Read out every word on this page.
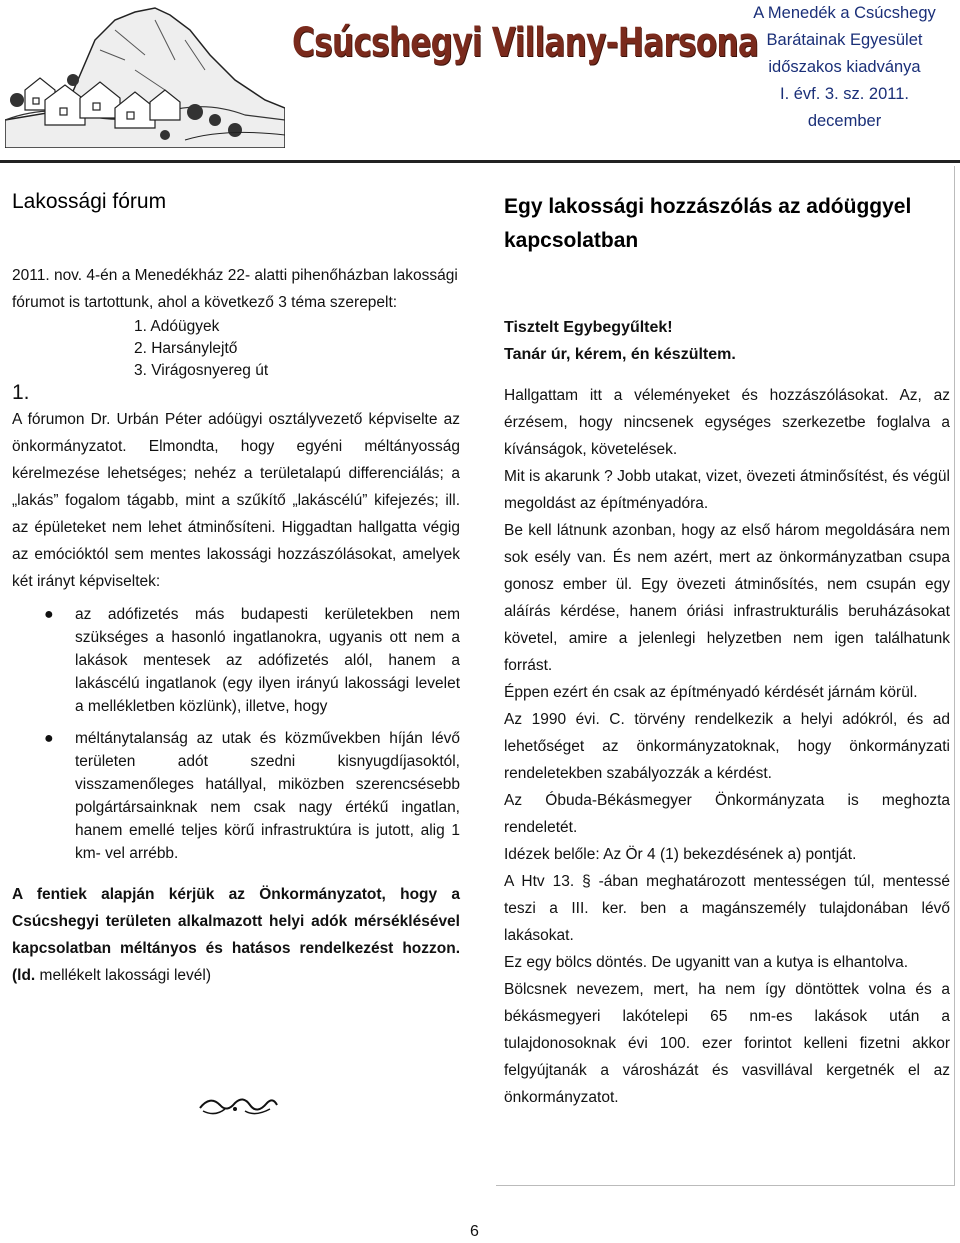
Csúcshegyi Villany-Harsona
A Menedék a Csúcshegy
Barátainak Egyesület
időszakos kiadványa
I. évf. 3. sz. 2011.
december
Lakossági fórum

2011. nov. 4-én a Menedékház 22- alatti pihenőházban lakossági fórumot is tartottunk, ahol a következő 3 téma szerepelt:

1. Adóügyek
2. Harsánylejtő
3. Virágosnyereg út

1.

A fórumon Dr. Urbán Péter adóügyi osztályvezető képviselte az önkormányzatot. Elmondta, hogy egyéni méltányosság kérelmezése lehetséges; nehéz a területalapú differenciálás; a „lakás” fogalom tágabb, mint a szűkítő „lakáscélú” kifejezés; ill. az épületeket nem lehet átminősíteni. Higgadtan hallgatta végig az emócióktól sem mentes lakossági hozzászólásokat, amelyek két irányt képviseltek:

● az adófizetés más budapesti kerületekben nem szükséges a hasonló ingatlanokra, ugyanis ott nem a lakások mentesek az adófizetés alól, hanem a lakáscélú ingatlanok (egy ilyen irányú lakossági levelet a mellékletben közlünk), illetve, hogy
● méltánytalanság az utak és közművekben híján lévő területen adót szedni kisnyugdíjasoktól, visszamenőleges hatállyal, miközben szerencsésebb polgártársainknak nem csak nagy értékű ingatlan, hanem emellé teljes körű infrastruktúra is jutott, alig 1 km- vel arrébb.

A fentiek alapján kérjük az Önkormányzatot, hogy a Csúcshegyi területen alkalmazott helyi adók mérséklésével kapcsolatban méltányos és hatásos rendelkezést hozzon. (ld. mellékelt lakossági levél)

Egy lakossági hozzászólás az adóüggyel kapcsolatban

Tisztelt Egybegyűltek!

Tanár úr, kérem, én készültem.

Hallgattam itt a véleményeket és hozzászólásokat. Az, az érzésem, hogy nincsenek egységes szerkezetbe foglalva a kívánságok, követelések.

Mit is akarunk ? Jobb utakat, vizet, övezeti átminősítést, és végül megoldást az építményadóra.

Be kell látnunk azonban, hogy az első három megoldására nem sok esély van. És nem azért, mert az önkormányzatban csupa gonosz ember ül. Egy övezeti átminősítés, nem csupán egy aláírás kérdése, hanem óriási infrastrukturális beruházásokat követel, amire a jelenlegi helyzetben nem igen találhatunk forrást.

Éppen ezért én csak az építményadó kérdését járnám körül.

Az 1990 évi. C. törvény rendelkezik a helyi adókról, és ad lehetőséget az önkormányzatoknak, hogy önkormányzati rendeletekben szabályozzák a kérdést.

Az Óbuda-Békásmegyer Önkormányzata is meghozta rendeletét.

Idézek belőle: Az Ör 4 (1) bekezdésének a) pontját.

A Htv 13. § -ában meghatározott mentességen túl, mentessé teszi a III. ker. ben a magánszemély tulajdonában lévő lakásokat.

Ez egy bölcs döntés. De ugyanitt van a kutya is elhantolva.

Bölcsnek nevezem, mert, ha nem így döntöttek volna és a békásmegyeri lakótelepi 65 nm-es lakások után a tulajdonosoknak évi 100. ezer forintot kelleni fizetni akkor felgyújtanák a városházát és vasvillával kergetnék el az önkormányzatot.

6
